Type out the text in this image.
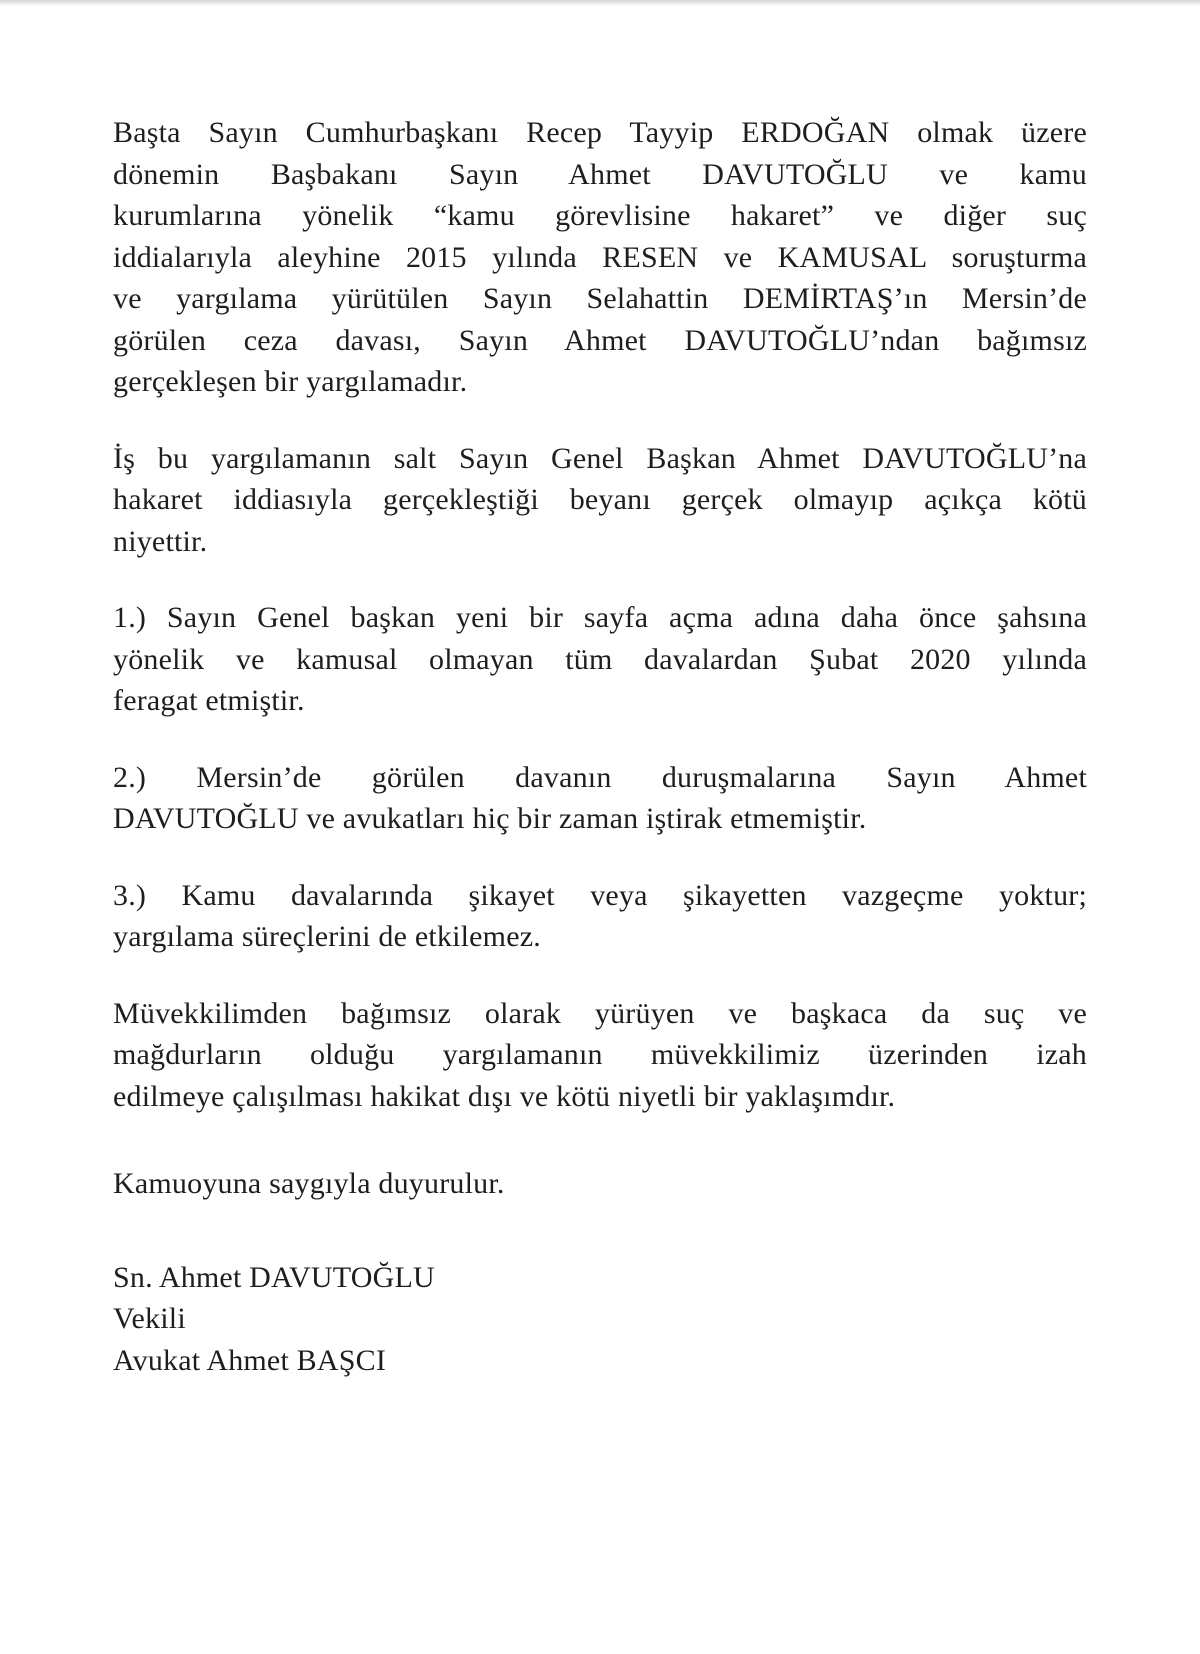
Başta Sayın Cumhurbaşkanı Recep Tayyip ERDOĞAN olmak üzere
dönemin Başbakanı Sayın Ahmet DAVUTOĞLU ve kamu
kurumlarına yönelik “kamu görevlisine hakaret” ve diğer suç
iddialarıyla aleyhine 2015 yılında RESEN ve KAMUSAL soruşturma
ve yargılama yürütülen Sayın Selahattin DEMİRTAŞ’ın Mersin’de
görülen ceza davası, Sayın Ahmet DAVUTOĞLU’ndan bağımsız
gerçekleşen bir yargılamadır.
İş bu yargılamanın salt Sayın Genel Başkan Ahmet DAVUTOĞLU’na
hakaret iddiasıyla gerçekleştiği beyanı gerçek olmayıp açıkça kötü
niyettir.
1.) Sayın Genel başkan yeni bir sayfa açma adına daha önce şahsına
yönelik ve kamusal olmayan tüm davalardan Şubat 2020 yılında
feragat etmiştir.
2.) Mersin’de görülen davanın duruşmalarına Sayın Ahmet
DAVUTOĞLU ve avukatları hiç bir zaman iştirak etmemiştir.
3.) Kamu davalarında şikayet veya şikayetten vazgeçme yoktur;
yargılama süreçlerini de etkilemez.
Müvekkilimden bağımsız olarak yürüyen ve başkaca da suç ve
mağdurların olduğu yargılamanın müvekkilimiz üzerinden izah
edilmeye çalışılması hakikat dışı ve kötü niyetli bir yaklaşımdır.
Kamuoyuna saygıyla duyurulur.
Sn. Ahmet DAVUTOĞLU
Vekili
Avukat Ahmet BAŞCI
